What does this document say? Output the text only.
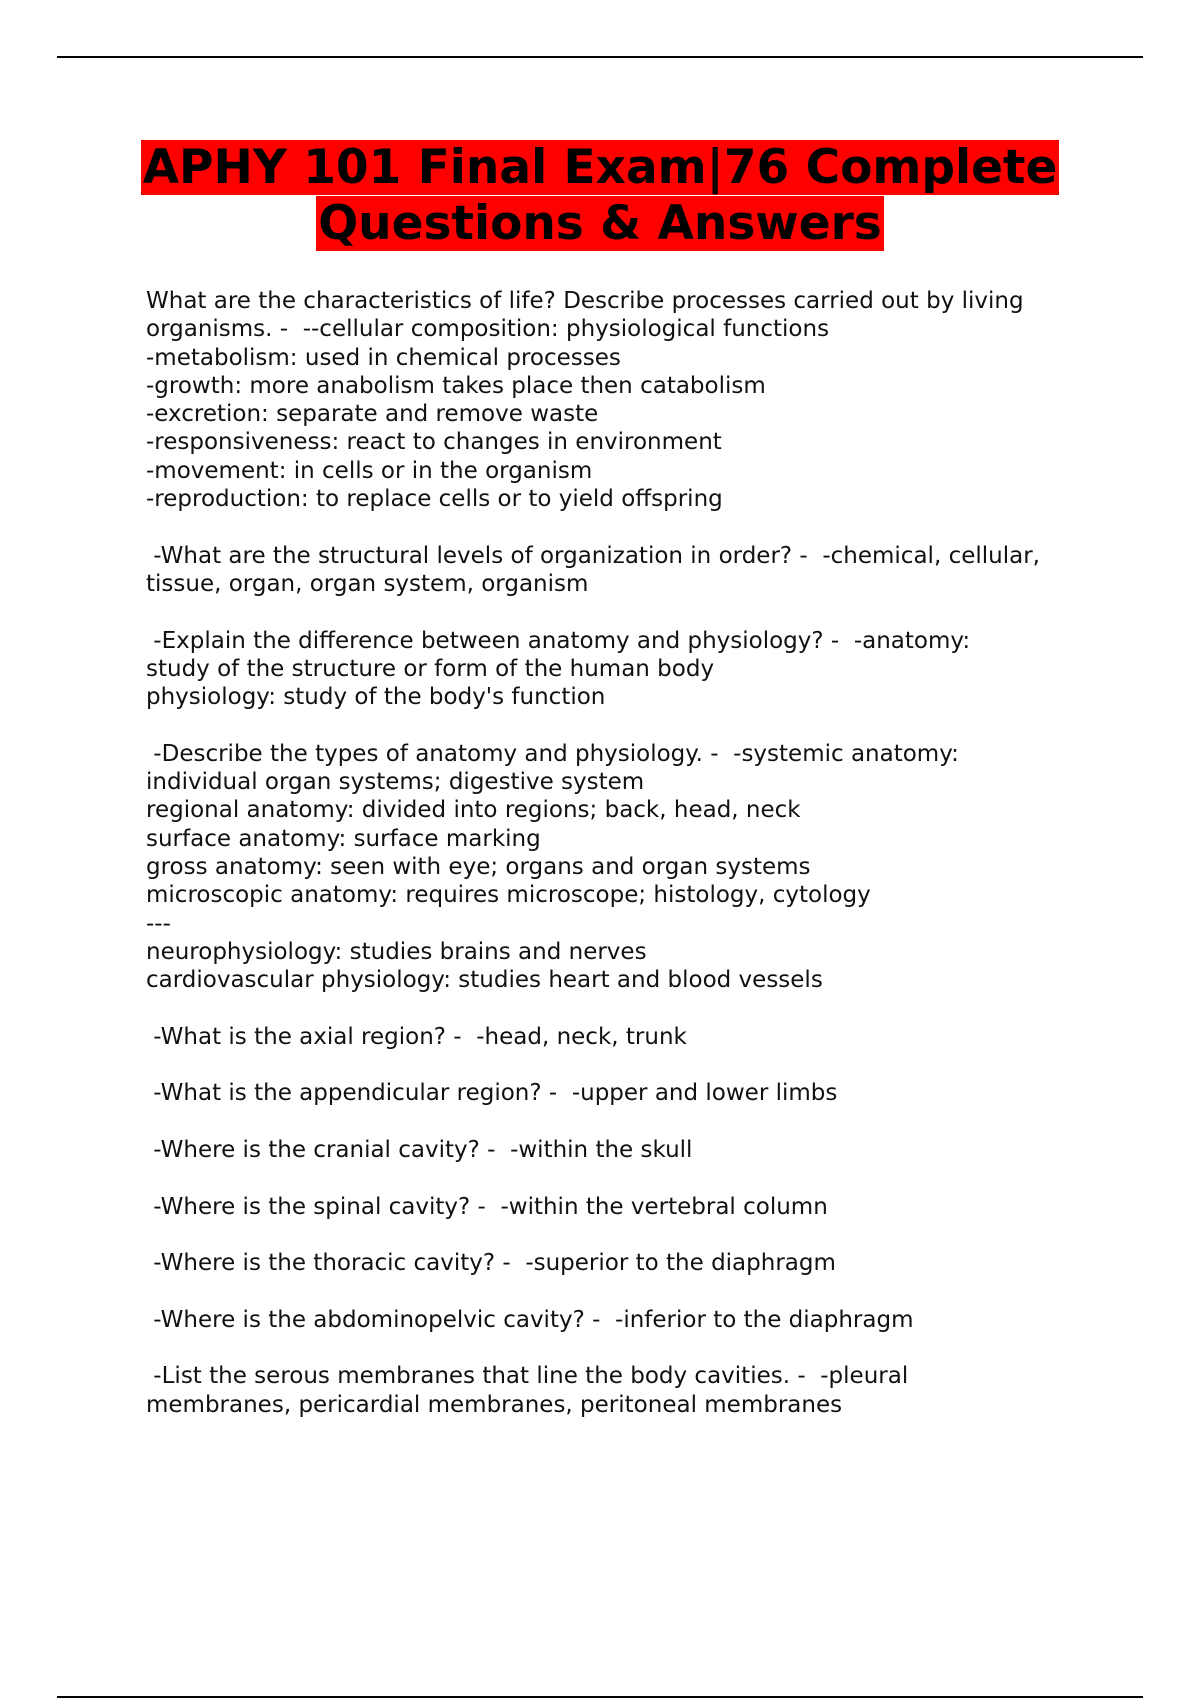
APHY 101 Final Exam|76 Complete
Questions & Answers
What are the characteristics of life? Describe processes carried out by living
organisms. -  --cellular composition: physiological functions
-metabolism: used in chemical processes
-growth: more anabolism takes place then catabolism
-excretion: separate and remove waste
-responsiveness: react to changes in environment
-movement: in cells or in the organism
-reproduction: to replace cells or to yield offspring
-What are the structural levels of organization in order? -  -chemical, cellular,
tissue, organ, organ system, organism
-Explain the difference between anatomy and physiology? -  -anatomy:
study of the structure or form of the human body
physiology: study of the body's function
-Describe the types of anatomy and physiology. -  -systemic anatomy:
individual organ systems; digestive system
regional anatomy: divided into regions; back, head, neck
surface anatomy: surface marking
gross anatomy: seen with eye; organs and organ systems
microscopic anatomy: requires microscope; histology, cytology
---
neurophysiology: studies brains and nerves
cardiovascular physiology: studies heart and blood vessels
-What is the axial region? -  -head, neck, trunk
-What is the appendicular region? -  -upper and lower limbs
-Where is the cranial cavity? -  -within the skull
-Where is the spinal cavity? -  -within the vertebral column
-Where is the thoracic cavity? -  -superior to the diaphragm
-Where is the abdominopelvic cavity? -  -inferior to the diaphragm
-List the serous membranes that line the body cavities. -  -pleural
membranes, pericardial membranes, peritoneal membranes
